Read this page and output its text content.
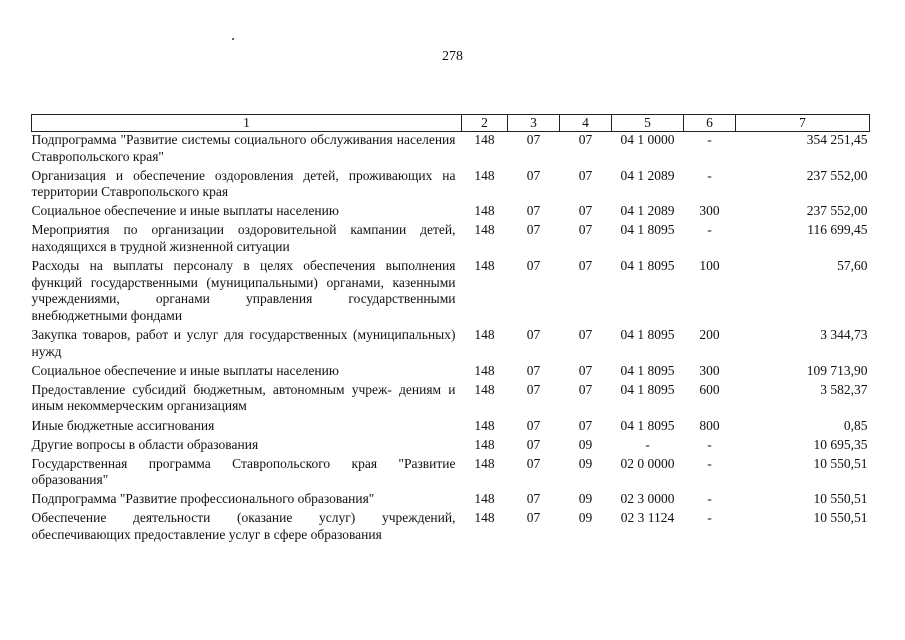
278
1	2	3	4	5	6	7
Подпрограмма "Развитие системы социального обслуживания населения Ставропольского края"	148	07	07	04 1 0000	-	354 251,45
Организация и обеспечение оздоровления детей, проживающих на территории Ставропольского края	148	07	07	04 1 2089	-	237 552,00
Социальное обеспечение и иные выплаты населению	148	07	07	04 1 2089	300	237 552,00
Мероприятия по организации оздоровительной кампании детей, находящихся в трудной жизненной ситуации	148	07	07	04 1 8095	-	116 699,45
Расходы на выплаты персоналу в целях обеспечения выполнения функций государственными (муниципальными) органами, казенными учреждениями, органами управления государственными внебюджетными фондами	148	07	07	04 1 8095	100	57,60
Закупка товаров, работ и услуг для государственных (муниципальных) нужд	148	07	07	04 1 8095	200	3 344,73
Социальное обеспечение и иные выплаты населению	148	07	07	04 1 8095	300	109 713,90
Предоставление субсидий бюджетным, автономным учреж- дениям и иным некоммерческим организациям	148	07	07	04 1 8095	600	3 582,37
Иные бюджетные ассигнования	148	07	07	04 1 8095	800	0,85
Другие вопросы в области образования	148	07	09	-	-	10 695,35
Государственная программа Ставропольского края "Развитие образования"	148	07	09	02 0 0000	-	10 550,51
Подпрограмма "Развитие профессионального образования"	148	07	09	02 3 0000	-	10 550,51
Обеспечение деятельности (оказание услуг) учреждений, обеспечивающих предоставление услуг в сфере образования	148	07	09	02 3 1124	-	10 550,51
